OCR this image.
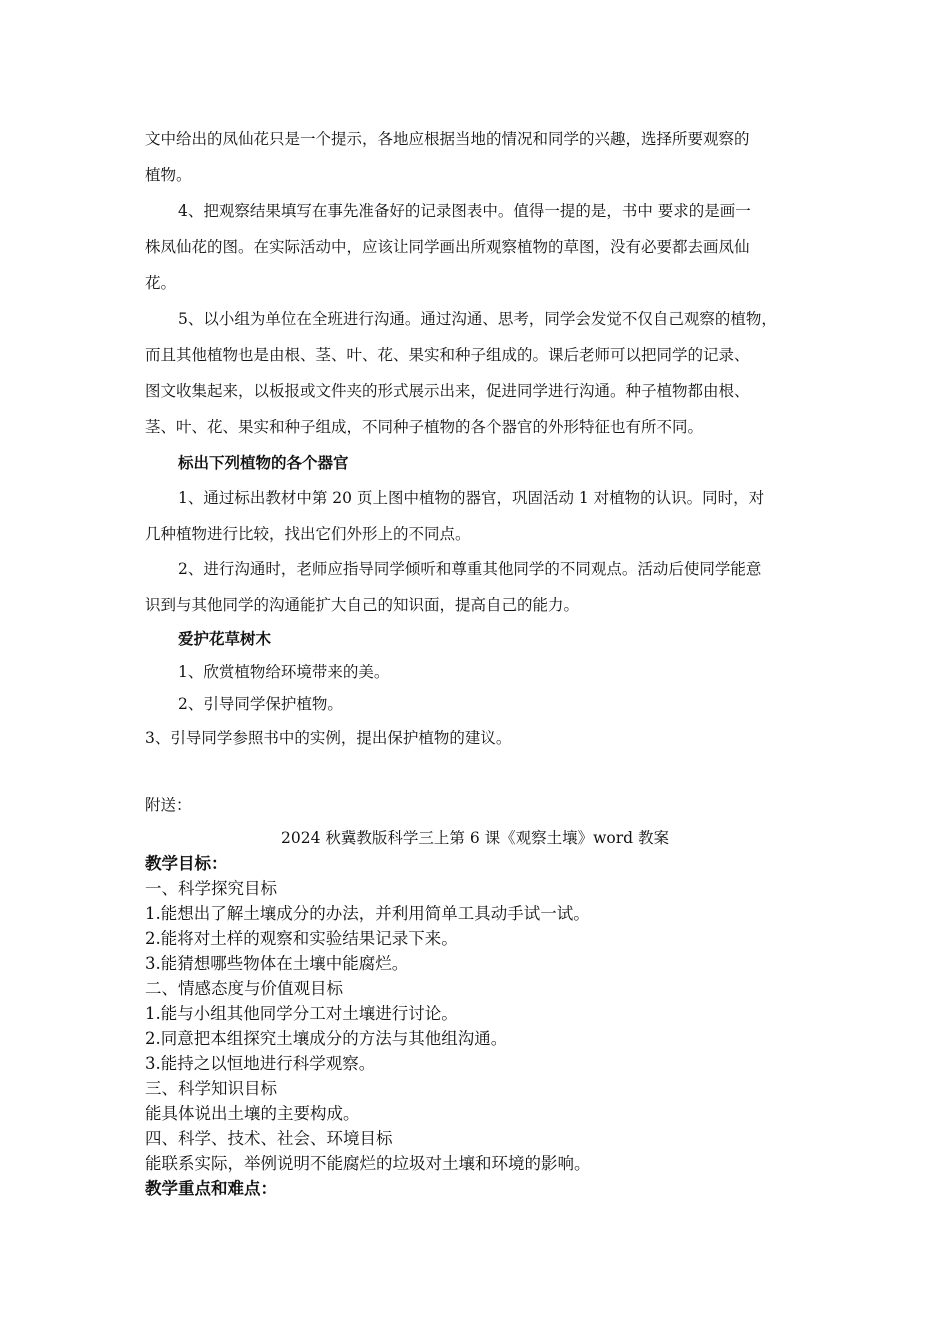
文中给出的凤仙花只是一个提示，各地应根据当地的情况和同学的兴趣，选择所要观察的
植物。
4、把观察结果填写在事先准备好的记录图表中。值得一提的是，书中 要求的是画一
株凤仙花的图。在实际活动中，应该让同学画出所观察植物的草图，没有必要都去画凤仙
花。
5、以小组为单位在全班进行沟通。通过沟通、思考，同学会发觉不仅自己观察的植物，
而且其他植物也是由根、茎、叶、花、果实和种子组成的。课后老师可以把同学的记录、
图文收集起来，以板报或文件夹的形式展示出来，促进同学进行沟通。种子植物都由根、
茎、叶、花、果实和种子组成，不同种子植物的各个器官的外形特征也有所不同。
标出下列植物的各个器官
1、通过标出教材中第 20 页上图中植物的器官，巩固活动 1 对植物的认识。同时，对
几种植物进行比较，找出它们外形上的不同点。
2、进行沟通时，老师应指导同学倾听和尊重其他同学的不同观点。活动后使同学能意
识到与其他同学的沟通能扩大自己的知识面，提高自己的能力。
爱护花草树木
1、欣赏植物给环境带来的美。
2、引导同学保护植物。
3、引导同学参照书中的实例，提出保护植物的建议。
附送：
2024 秋冀教版科学三上第 6 课《观察土壤》word 教案
教学目标：
一、科学探究目标
1.能想出了解土壤成分的办法，并利用简单工具动手试一试。
2.能将对土样的观察和实验结果记录下来。
3.能猜想哪些物体在土壤中能腐烂。
二、情感态度与价值观目标
1.能与小组其他同学分工对土壤进行讨论。
2.同意把本组探究土壤成分的方法与其他组沟通。
3.能持之以恒地进行科学观察。
三、科学知识目标
能具体说出土壤的主要构成。
四、科学、技术、社会、环境目标
能联系实际，举例说明不能腐烂的垃圾对土壤和环境的影响。
教学重点和难点：
